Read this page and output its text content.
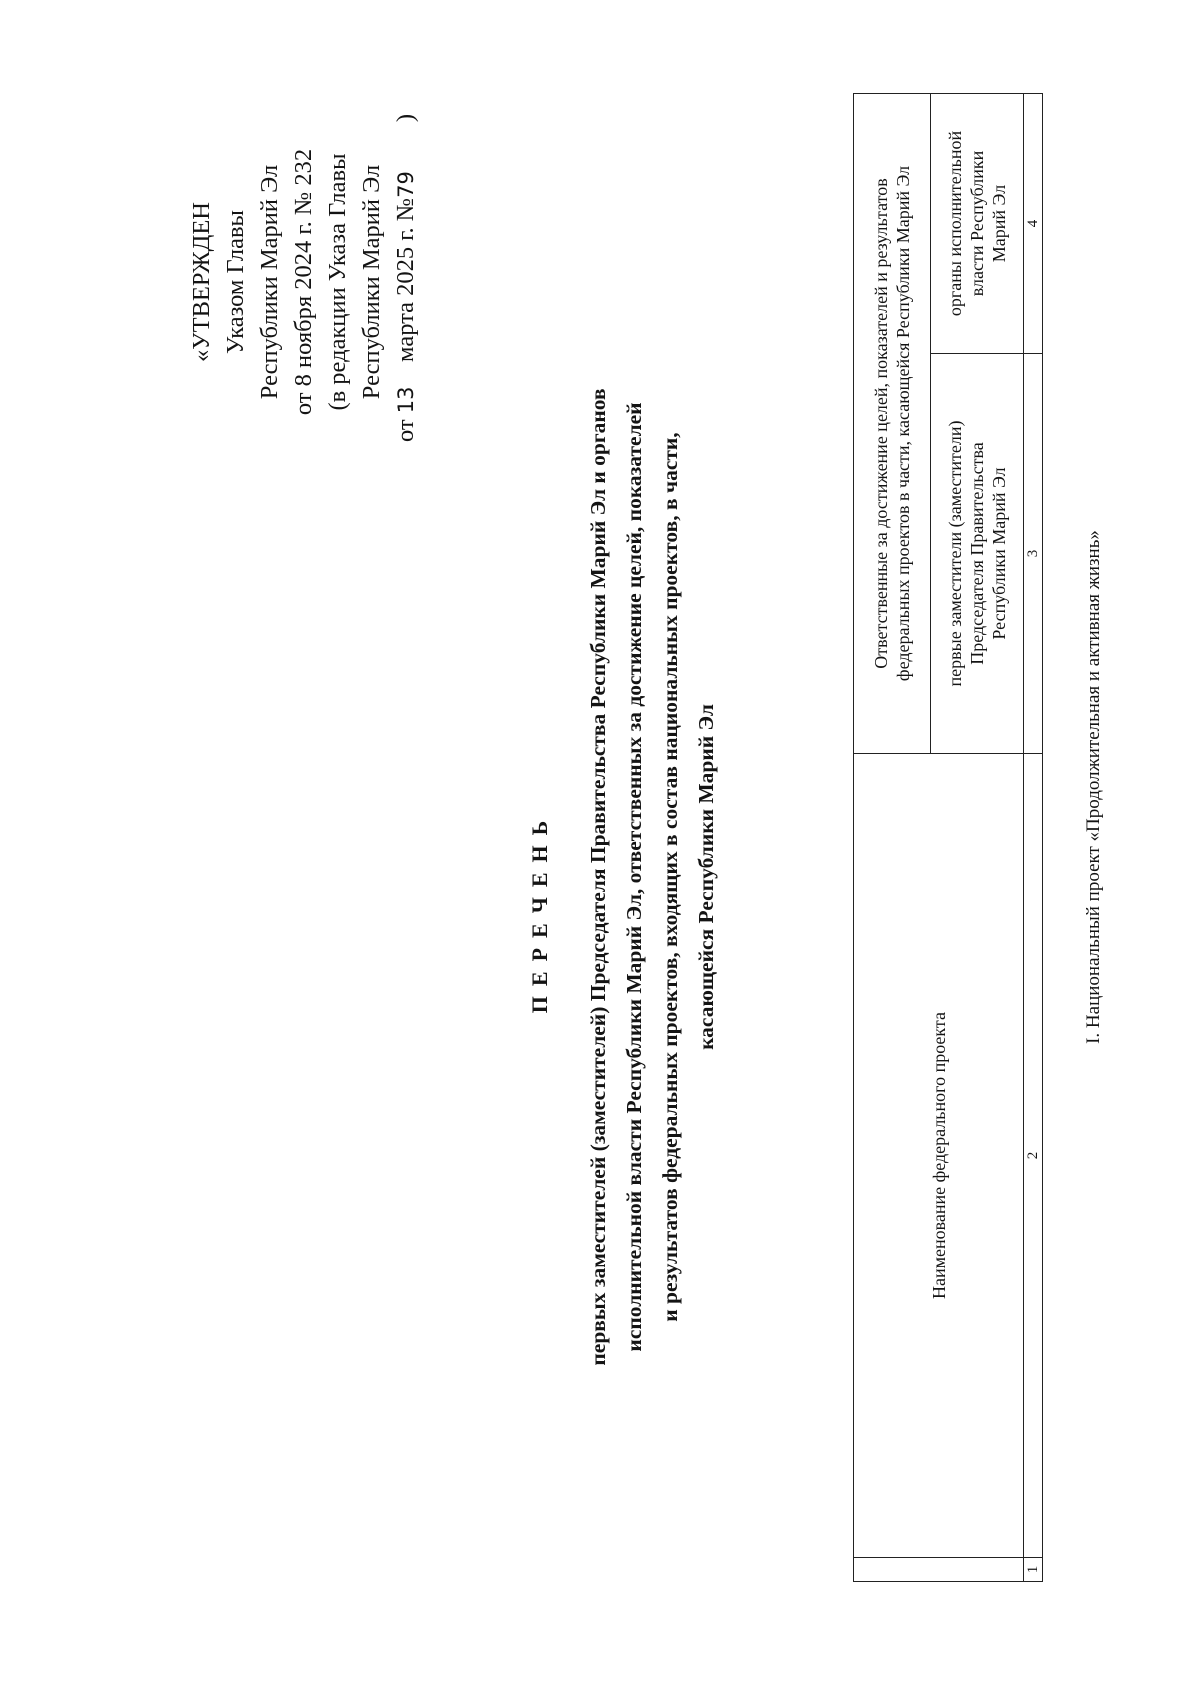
«УТВЕРЖДЕН Указом Главы Республики Марий Эл от 8 ноября 2024 г. № 232 (в редакции Указа Главы Республики Марий Эл
от 13    марта 2025 г. №79        )
ПЕРЕЧЕНЬ первых заместителей (заместителей) Председателя Правительства Республики Марий Эл и органов исполнительной власти Республики Марий Эл, ответственных за достижение целей, показателей и результатов федеральных проектов, входящих в состав национальных проектов, в части, касающейся Республики Марий Эл

	Наименование федерального проекта	Ответственные за достижение целей, показателей и результатов федеральных проектов в части, касающейся Республики Марий Эл	

		первые заместители (заместители) Председателя Правительства Республики Марий Эл	органы исполнительной власти Республики Марий Эл

1	2	3	4
I. Национальный проект «Продолжительная и активная жизнь»
